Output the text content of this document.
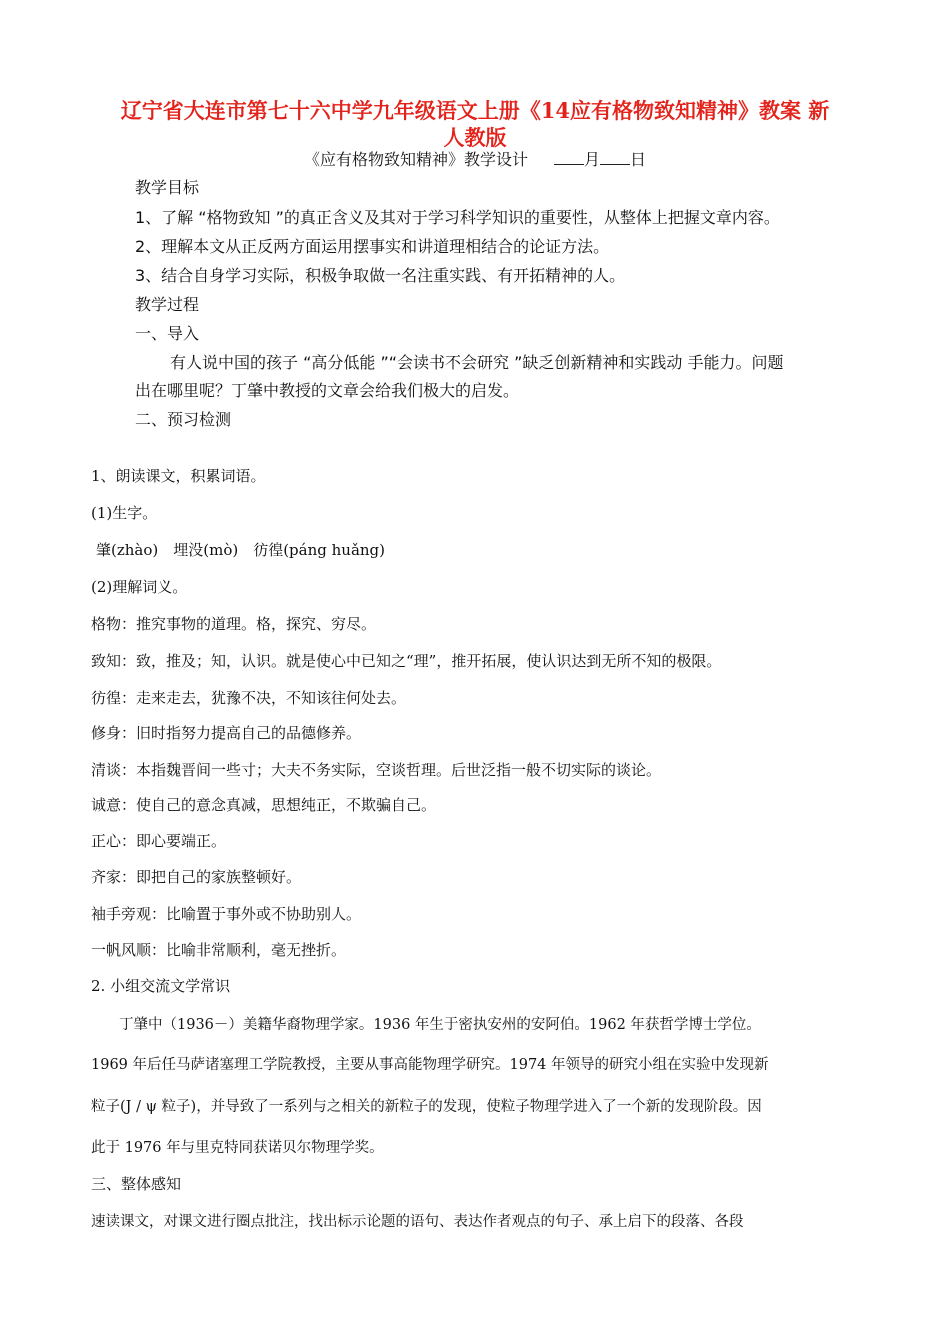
辽宁省大连市第七十六中学九年级语文上册《14应有格物致知精神》教案 新
人教版
《应有格物致知精神》教学设计	月 日
教学目标
1、了解 “格物致知 ”的真正含义及其对于学习科学知识的重要性，从整体上把握文章内容。
2、理解本文从正反两方面运用摆事实和讲道理相结合的论证方法。
3、结合自身学习实际，积极争取做一名注重实践、有开拓精神的人。
教学过程
一、导入
有人说中国的孩子 “高分低能 ”“会读书不会研究 ”缺乏创新精神和实践动 手能力。问题
出在哪里呢？丁肇中教授的文章会给我们极大的启发。
二、预习检测
1、朗读课文，积累词语。
(1)生字。
肇(zhào)　埋没(mò)　彷徨(páng huǎng)
(2)理解词义。
格物：推究事物的道理。格，探究、穷尽。
致知：致，推及；知，认识。就是使心中已知之“理”，推开拓展，使认识达到无所不知的极限。
彷徨：走来走去，犹豫不决，不知该往何处去。
修身：旧时指努力提高自己的品德修养。
清谈：本指魏晋间一些寸；大夫不务实际，空谈哲理。后世泛指一般不切实际的谈论。
诚意：使自己的意念真减，思想纯正，不欺骗自己。
正心：即心要端正。
齐家：即把自己的家族整顿好。
袖手旁观：比喻置于事外或不协助别人。
一帆风顺：比喻非常顺利，毫无挫折。
2. 小组交流文学常识
丁肇中（1936－）美籍华裔物理学家。1936 年生于密执安州的安阿伯。1962 年获哲学博士学位。
1969 年后任马萨诸塞理工学院教授，主要从事高能物理学研究。1974 年领导的研究小组在实验中发现新
粒子(J / ψ 粒子)，并导致了一系列与之相关的新粒子的发现，使粒子物理学进入了一个新的发现阶段。因
此于 1976 年与里克特同获诺贝尔物理学奖。
三、整体感知
速读课文，对课文进行圈点批注，找出标示论题的语句、表达作者观点的句子、承上启下的段落、各段
